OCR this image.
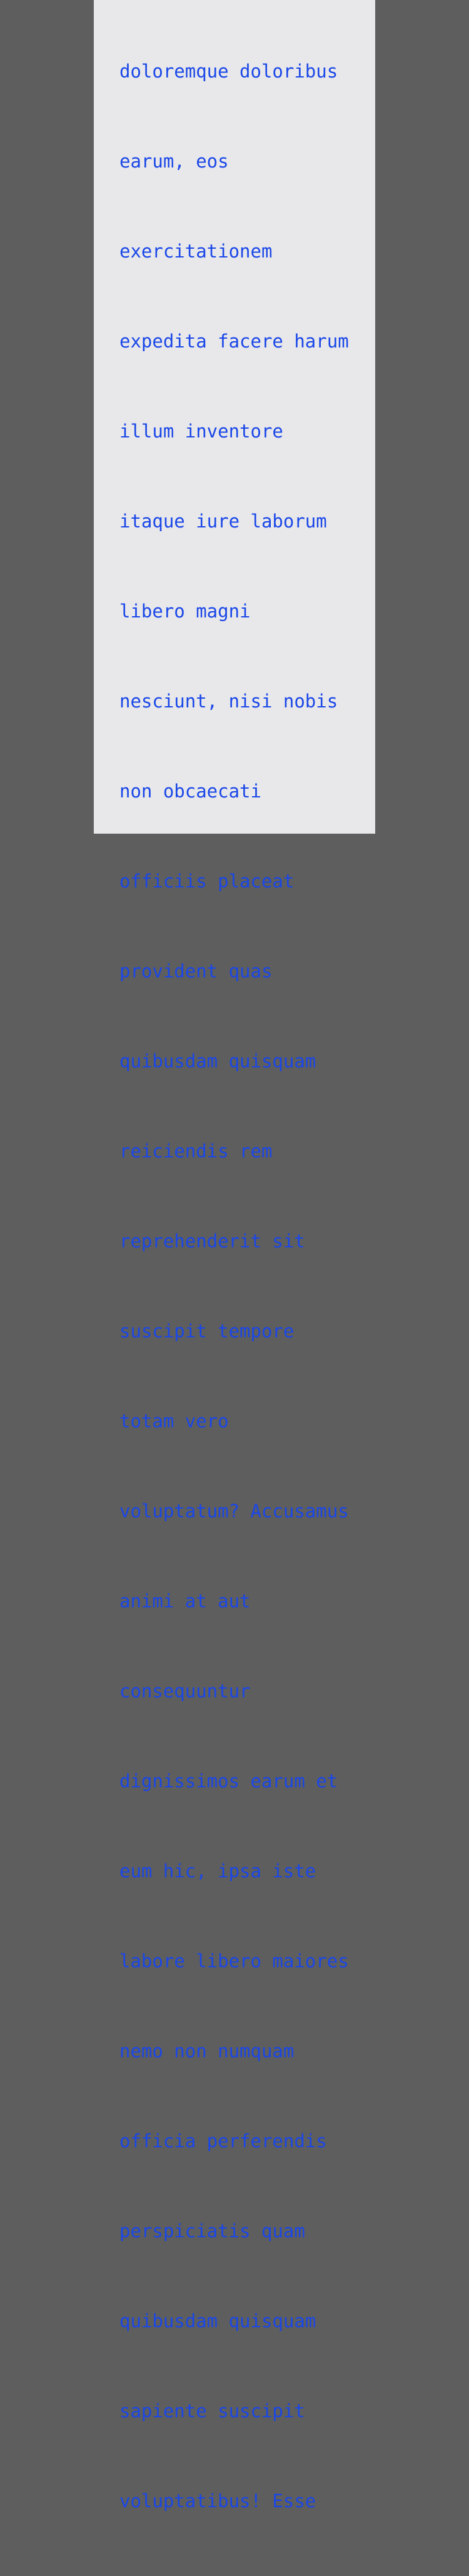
doloremque doloribus

earum, eos

exercitationem

expedita facere harum

illum inventore

itaque iure laborum

libero magni

nesciunt, nisi nobis

non obcaecati

officiis placeat

provident quas

quibusdam quisquam

reiciendis rem

reprehenderit sit

suscipit tempore

totam vero

voluptatum? Accusamus

animi at aut

consequuntur

dignissimos earum et

eum hic, ipsa iste

labore libero maiores

nemo non numquam

officia perferendis

perspiciatis quam

quibusdam quisquam

sapiente suscipit

voluptatibus! Esse
